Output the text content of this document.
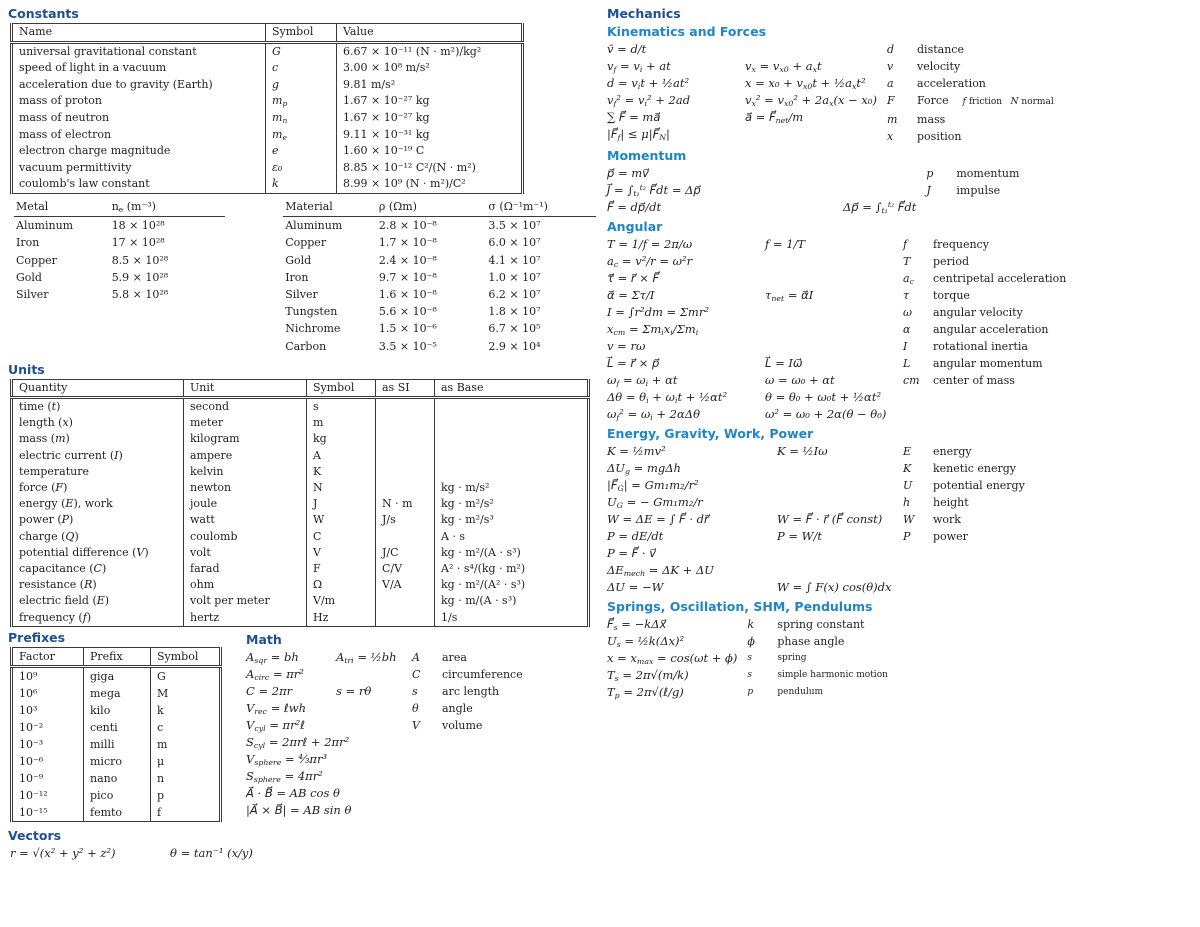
Constants
Name	Symbol	Value
universal gravitational constant	G	6.67 × 10⁻¹¹ (N · m²)/kg²
speed of light in a vacuum	c	3.00 × 10⁸ m/s²
acceleration due to gravity (Earth)	g	9.81 m/s²
mass of proton	$m_p$	1.67 × 10⁻²⁷ kg
mass of neutron	$m_n$	1.67 × 10⁻²⁷ kg
mass of electron	$m_e$	9.11 × 10⁻³¹ kg
electron charge magnitude	e	1.60 × 10⁻¹⁹ C
vacuum permittivity	ε₀	8.85 × 10⁻¹² C²/(N · m²)
coulomb's law constant	k	8.99 × 10⁹ (N · m²)/C²
Metal	$n_e$ (m⁻³)
Aluminum	18 × 10²⁸
Iron	17 × 10²⁸
Copper	8.5 × 10²⁸
Gold	5.9 × 10²⁸
Silver	5.8 × 10²⁸
Material	ρ (Ωm)	σ (Ω⁻¹m⁻¹)
Aluminum	2.8 × 10⁻⁸	3.5 × 10⁷
Copper	1.7 × 10⁻⁸	6.0 × 10⁷
Gold	2.4 × 10⁻⁸	4.1 × 10⁷
Iron	9.7 × 10⁻⁸	1.0 × 10⁷
Silver	1.6 × 10⁻⁸	6.2 × 10⁷
Tungsten	5.6 × 10⁻⁸	1.8 × 10⁷
Nichrome	1.5 × 10⁻⁶	6.7 × 10⁵
Carbon	3.5 × 10⁻⁵	2.9 × 10⁴
Units
Quantity	Unit	Symbol	as SI	as Base
time (t)	second	s		
length (x)	meter	m		
mass (m)	kilogram	kg		
electric current (I)	ampere	A		
temperature	kelvin	K		
force (F)	newton	N		kg · m/s²
energy (E), work	joule	J	N · m	kg · m²/s²
power (P)	watt	W	J/s	kg · m²/s³
charge (Q)	coulomb	C		A · s
potential difference (V)	volt	V	J/C	kg · m²/(A · s³)
capacitance (C)	farad	F	C/V	A² · s⁴/(kg · m²)
resistance (R)	ohm	Ω	V/A	kg · m²/(A² · s³)
electric field (E)	volt per meter	V/m		kg · m/(A · s³)
frequency (f)	hertz	Hz		1/s
Prefixes
Factor	Prefix	Symbol
10⁹	giga	G
10⁶	mega	M
10³	kilo	k
10⁻²	centi	c
10⁻³	milli	m
10⁻⁶	micro	μ
10⁻⁹	nano	n
10⁻¹²	pico	p
10⁻¹⁵	femto	f
Math
$A_{sqr}$ = bh	$A_{tri}$ = ½bh
$A_{circ} = \pi r^2$
C = 2πr	s = rθ
$V_{rec}$ = ℓwh
$V_{cyl}$ = πr²ℓ
$S_{cyl}$ = 2πrℓ + 2πr²
$V_{sphere}$ = ⁴⁄₃πr³
$S_{sphere} = 4\pi r^2$
A⃗ · B⃗ = AB cos θ
|A⃗ × B⃗| = AB sin θ
A	area
C	circumference
s	arc length
θ	angle
V	volume
Vectors
r = √(x² + y² + z²)	θ = tan⁻¹ (x/y)
Mechanics
Kinematics and Forces
v̄ = d/t
$v_f = v_i$ + at	$v_x = v_{x0} + a_xt$
$d = v_it$ + ½at²	$x = x_0 + v_{x0}t$ + $\frac{1}{2}a_xt^2$
$v_f^2 = v_i^2 + 2ad$	$v_x^2 = v_{x0}^2 + 2a_x(x - x_0)$
∑ F⃗ = ma⃗	a⃗ = $F⃗_{net}/m$
$|F⃗_f|$ ≤ $\mu|F⃗_N|$
d	distance
v	velocity
a	acceleration
F	Force f friction   N normal
m	mass
x	position
Momentum
p⃗ = mv⃗
J⃗ = $\int_{t_1}^{t_2}$ F⃗dt = Δp⃗
F⃗ = dp⃗/dt	Δp⃗ = $\int_{t_1}^{t_2}$ F⃗dt
p	momentum
J	impulse
Angular
T = 1/f = 2π/ω	f = 1/T
$a_c = v^2/r = \omega^2r$
τ⃗ = r⃗ × F⃗
α⃗ = Στ/I	$\tau_{net}$ = α⃗I
I = ∫r²dm = Σmr²
$x_{cm} = \Sigma m_ix_i/\Sigma m_i$
v = rω
L⃗ = r⃗ × p⃗	L⃗ = Iω⃗
$\omega_f = \omega_i + \alpha t$	ω = ω₀ + αt
$\Delta\theta = \theta_i + \omega_it$ + ½αt²	θ = θ₀ + ω₀t + ½αt²
$\omega_f^2 = \omega_i + 2\alpha\Delta\theta$	ω² = ω₀ + 2α(θ − θ₀)
f	frequency
T	period
$a_c$	centripetal acceleration
τ	torque
ω	angular velocity
α	angular acceleration
I	rotational inertia
L	angular momentum
cm	center of mass
Energy, Gravity, Work, Power
K = ½mv²	K = ½Iω
$\Delta U_g = mg\Delta h$
$|F⃗_G| = Gm_1m_2/r^2$
$U_G$ = − Gm₁m₂/r
W = ΔE = ∫ F⃗ · dr⃗	W = F⃗ · r⃗ (F⃗ const)
P = dE/dt	P = W/t
P = F⃗ · v⃗
$\Delta E_{mech} = \Delta K + \Delta U$
ΔU = −W	W = ∫ F(x) cos(θ)dx
E	energy
K	kenetic energy
U	potential energy
h	height
W	work
P	power
Springs, Oscillation, SHM, Pendulums
$F⃗_s$ = −kΔx⃗
$U_s$ = ½k(Δx)²
$x = x_{max} = \cos(\omega t + \phi)$
$T_s = 2\pi√(m/k)$
$T_p$ = 2π√(ℓ/g)
k	spring constant
ϕ	phase angle
s	spring
s	simple harmonic motion
p	pendulum
